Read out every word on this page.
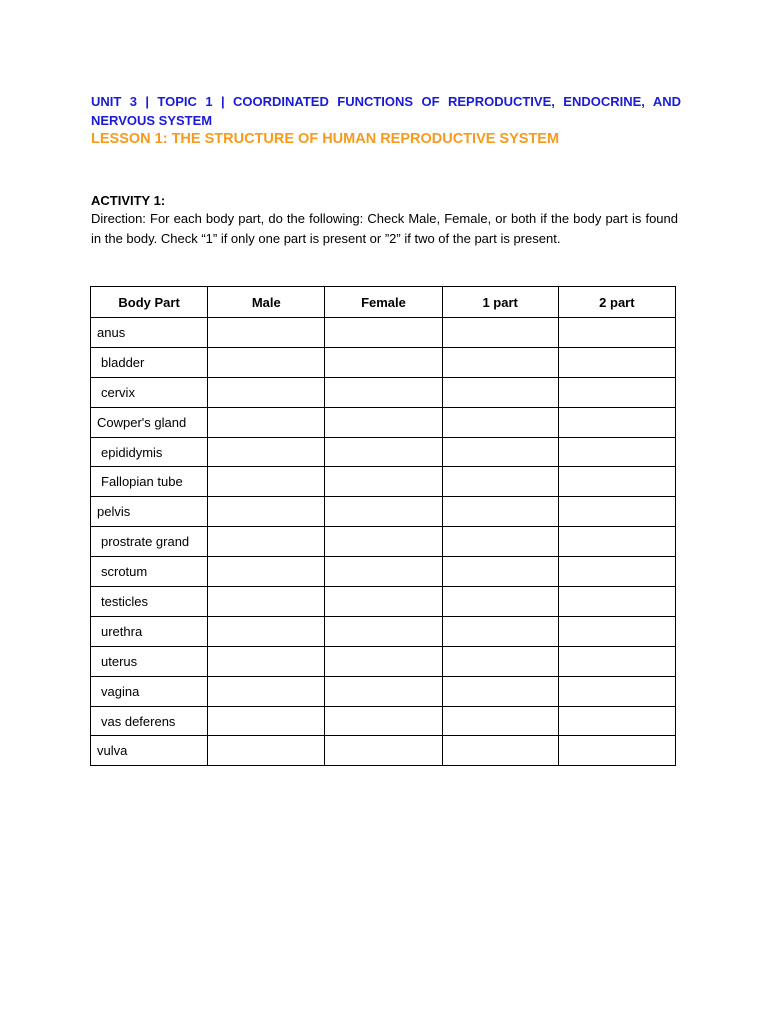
UNIT 3 | TOPIC 1 | COORDINATED FUNCTIONS OF REPRODUCTIVE, ENDOCRINE, AND NERVOUS SYSTEM
LESSON 1: THE STRUCTURE OF HUMAN REPRODUCTIVE SYSTEM
ACTIVITY 1:
Direction: For each body part, do the following: Check Male, Female, or both if the body part is found in the body. Check “1” if only one part is present or ”2” if two of the part is present.
Body Part	Male	Female	1 part	2 part
anus				
bladder				
cervix				
Cowper's gland				
epididymis				
Fallopian tube				
pelvis				
prostrate grand				
scrotum				
testicles				
urethra				
uterus				
vagina				
vas deferens				
vulva				
